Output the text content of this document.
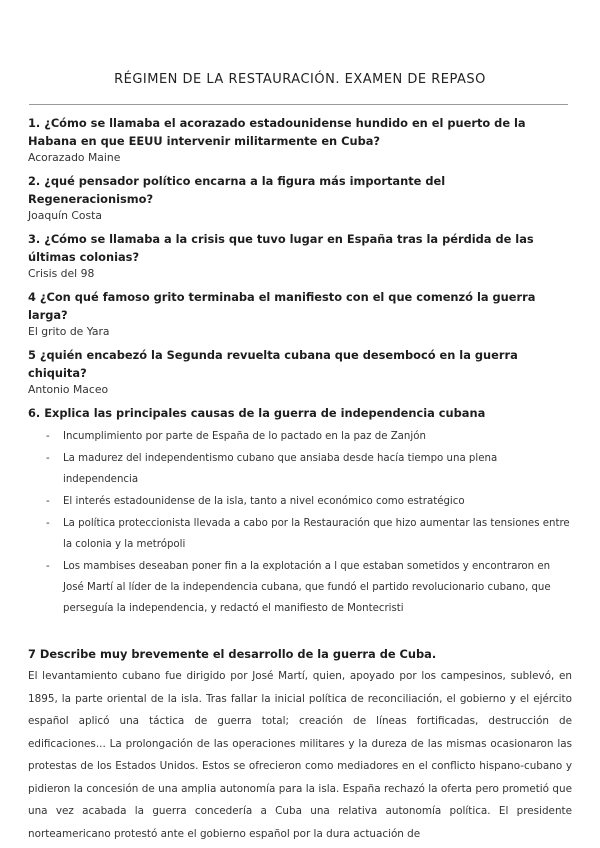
RÉGIMEN DE LA RESTAURACIÓN. EXAMEN DE REPASO

1. ¿Cómo se llamaba el acorazado estadounidense hundido en el puerto de la Habana en que EEUU intervenir militarmente en Cuba?

Acorazado Maine

2. ¿qué pensador político encarna a la figura más importante del Regeneracionismo?

Joaquín Costa

3. ¿Cómo se llamaba a la crisis que tuvo lugar en España tras la pérdida de las últimas colonias?

Crisis del 98

4 ¿Con qué famoso grito terminaba el manifiesto con el que comenzó la guerra larga?

El grito de Yara

5 ¿quién encabezó la Segunda revuelta cubana que desembocó en la guerra chiquita?

Antonio Maceo

6. Explica las principales causas de la guerra de independencia cubana

- Incumplimiento por parte de España de lo pactado en la paz de Zanjón
- La madurez del independentismo cubano que ansiaba desde hacía tiempo una plena independencia
- El interés estadounidense de la isla, tanto a nivel económico como estratégico
- La política proteccionista llevada a cabo por la Restauración que hizo aumentar las tensiones entre la colonia y la metrópoli
- Los mambises deseaban poner fin a la explotación a l que estaban sometidos y encontraron en José Martí al líder de la independencia cubana, que fundó el partido revolucionario cubano, que perseguía la independencia, y redactó el manifiesto de Montecristi

7 Describe muy brevemente el desarrollo de la guerra de Cuba.

El levantamiento cubano fue dirigido por José Martí, quien, apoyado por los campesinos, sublevó, en 1895, la parte oriental de la isla. Tras fallar la inicial política de reconciliación, el gobierno y el ejército español aplicó una táctica de guerra total; creación de líneas fortificadas, destrucción de edificaciones... La prolongación de las operaciones militares y la dureza de las mismas ocasionaron las protestas de los Estados Unidos. Estos se ofrecieron como mediadores en el conflicto hispano-cubano y pidieron la concesión de una amplia autonomía para la isla. España rechazó la oferta pero prometió que una vez acabada la guerra concedería a Cuba una relativa autonomía política. El presidente norteamericano protestó ante el gobierno español por la dura actuación de
